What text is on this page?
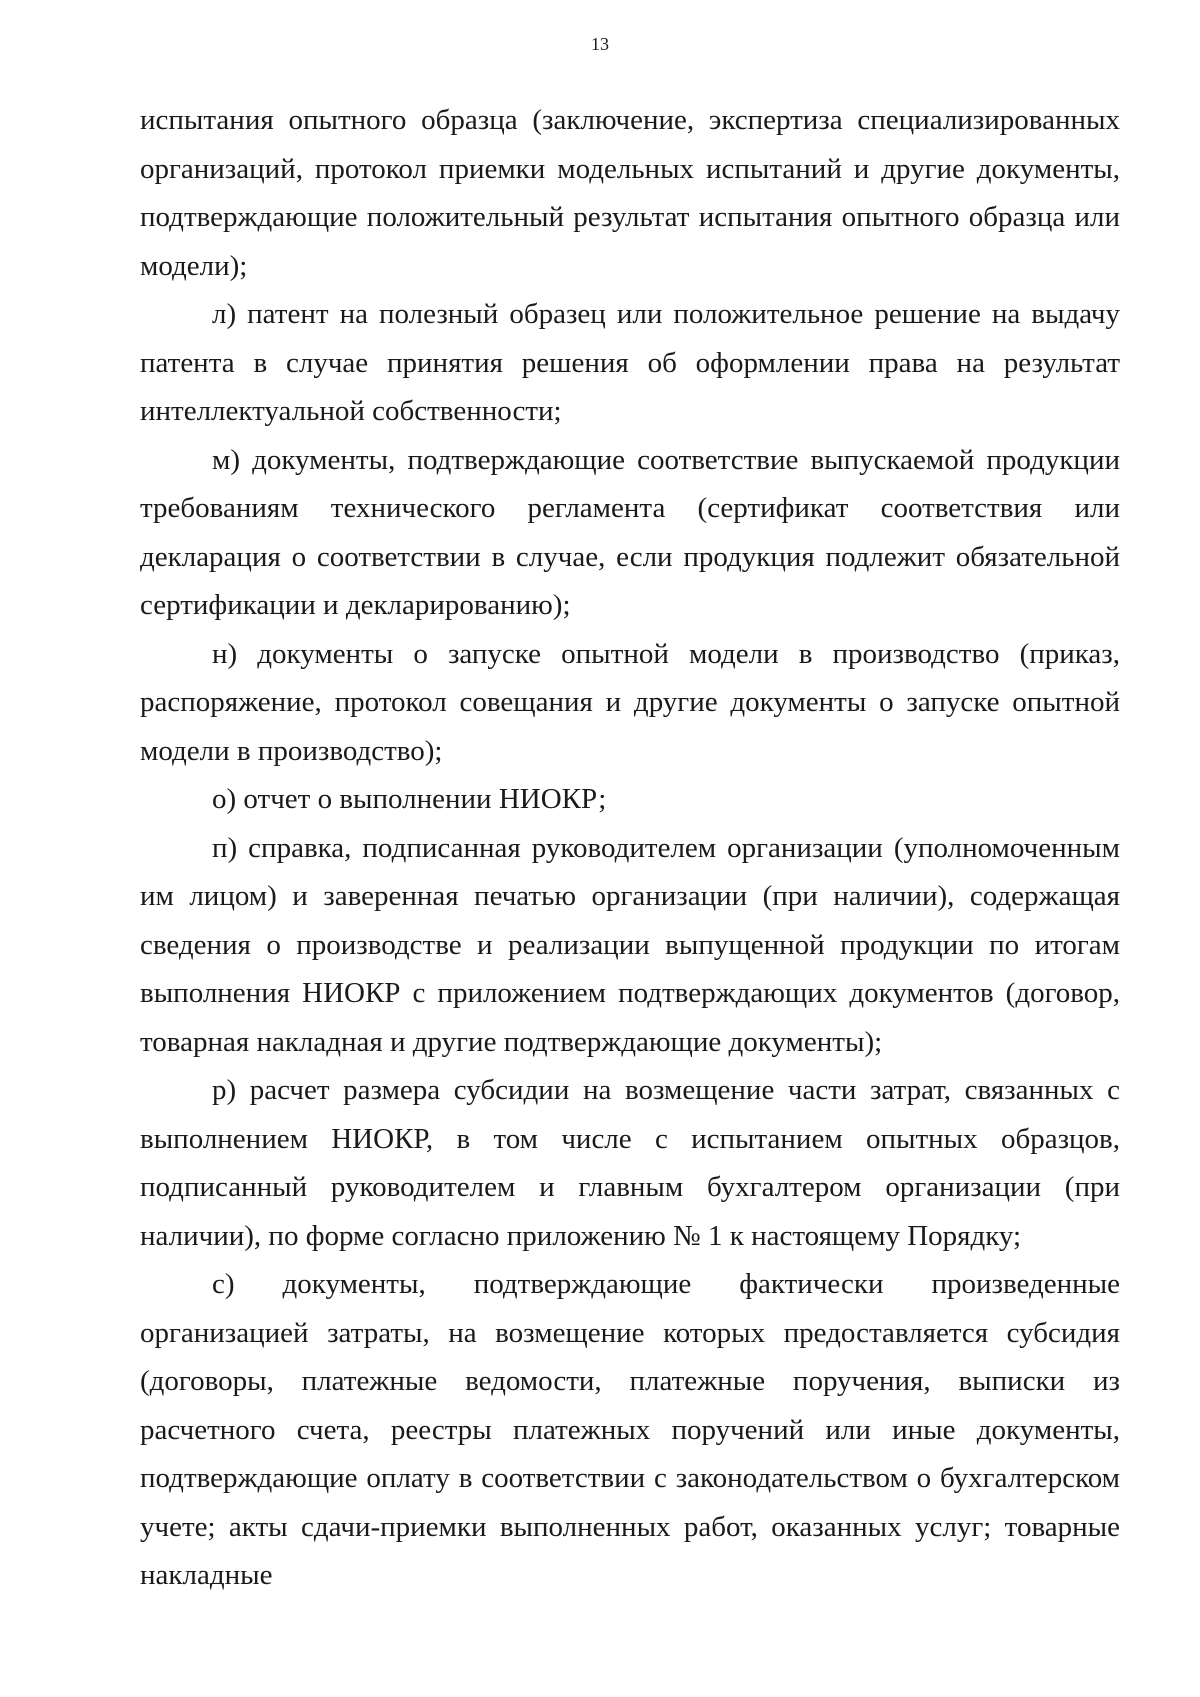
13

испытания опытного образца (заключение, экспертиза специализированных организаций, протокол приемки модельных испытаний и другие документы, подтверждающие положительный результат испытания опытного образца или модели);

л) патент на полезный образец или положительное решение на выдачу патента в случае принятия решения об оформлении права на результат интеллектуальной собственности;

м) документы, подтверждающие соответствие выпускаемой продукции требованиям технического регламента (сертификат соответствия или декларация о соответствии в случае, если продукция подлежит обязательной сертификации и декларированию);

н) документы о запуске опытной модели в производство (приказ, распоряжение, протокол совещания и другие документы о запуске опытной модели в производство);

о) отчет о выполнении НИОКР;

п) справка, подписанная руководителем организации (уполномоченным им лицом) и заверенная печатью организации (при наличии), содержащая сведения о производстве и реализации выпущенной продукции по итогам выполнения НИОКР с приложением подтверждающих документов (договор, товарная накладная и другие подтверждающие документы);

р) расчет размера субсидии на возмещение части затрат, связанных с выполнением НИОКР, в том числе с испытанием опытных образцов, подписанный руководителем и главным бухгалтером организации (при наличии), по форме согласно приложению № 1 к настоящему Порядку;

с) документы, подтверждающие фактически произведенные организацией затраты, на возмещение которых предоставляется субсидия (договоры, платежные ведомости, платежные поручения, выписки из расчетного счета, реестры платежных поручений или иные документы, подтверждающие оплату в соответствии с законодательством о бухгалтерском учете; акты сдачи-приемки выполненных работ, оказанных услуг; товарные накладные
